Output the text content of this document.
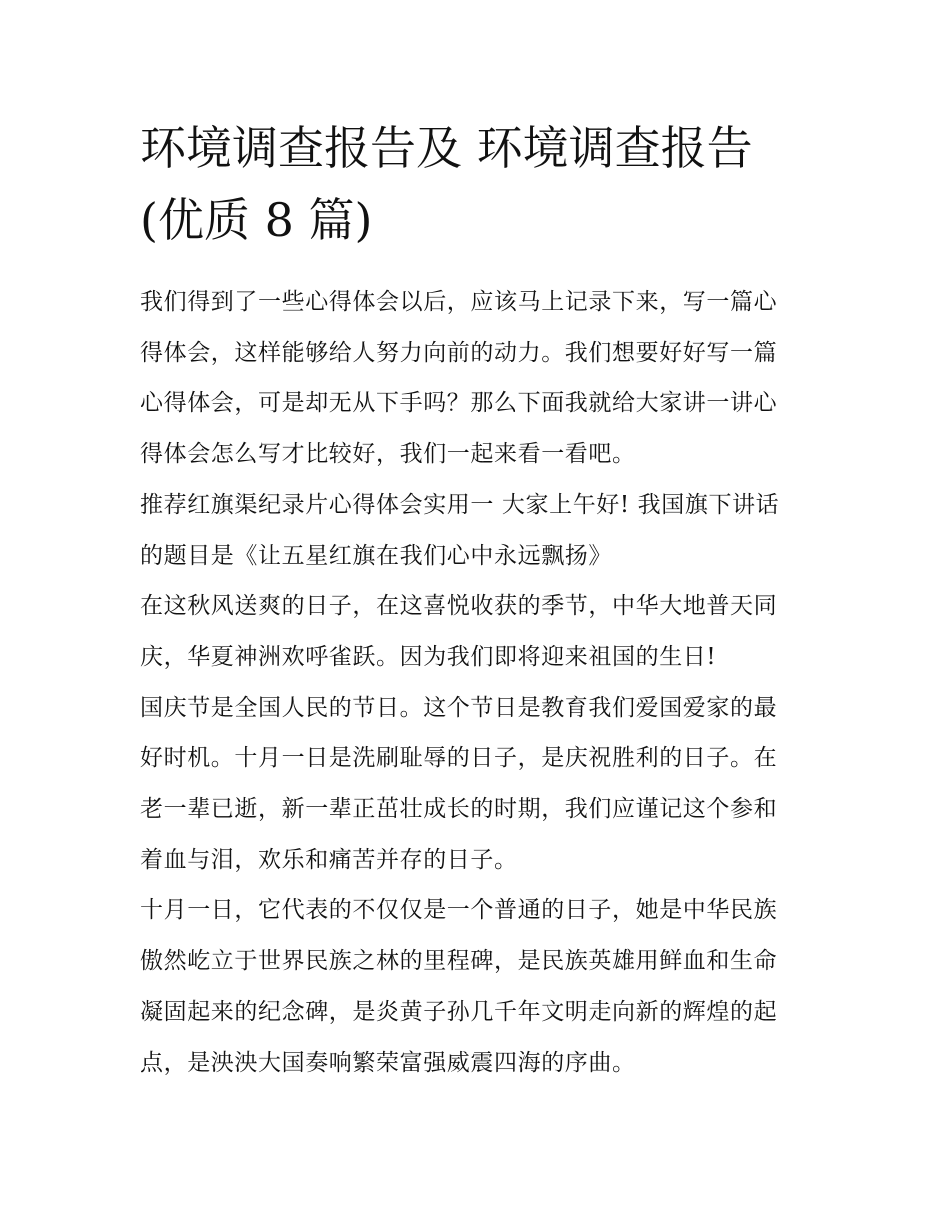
环境调查报告及 环境调查报告
(优质 8 篇)

我们得到了一些心得体会以后，应该马上记录下来，写一篇心
得体会，这样能够给人努力向前的动力。我们想要好好写一篇
心得体会，可是却无从下手吗？那么下面我就给大家讲一讲心
得体会怎么写才比较好，我们一起来看一看吧。

推荐红旗渠纪录片心得体会实用一 大家上午好! 我国旗下讲话
的题目是《让五星红旗在我们心中永远飘扬》

在这秋风送爽的日子，在这喜悦收获的季节，中华大地普天同
庆，华夏神洲欢呼雀跃。因为我们即将迎来祖国的生日!

国庆节是全国人民的节日。这个节日是教育我们爱国爱家的最
好时机。十月一日是洗刷耻辱的日子，是庆祝胜利的日子。在
老一辈已逝，新一辈正茁壮成长的时期，我们应谨记这个参和
着血与泪，欢乐和痛苦并存的日子。

十月一日，它代表的不仅仅是一个普通的日子，她是中华民族
傲然屹立于世界民族之林的里程碑，是民族英雄用鲜血和生命
凝固起来的纪念碑，是炎黄子孙几千年文明走向新的辉煌的起
点，是泱泱大国奏响繁荣富强威震四海的序曲。
